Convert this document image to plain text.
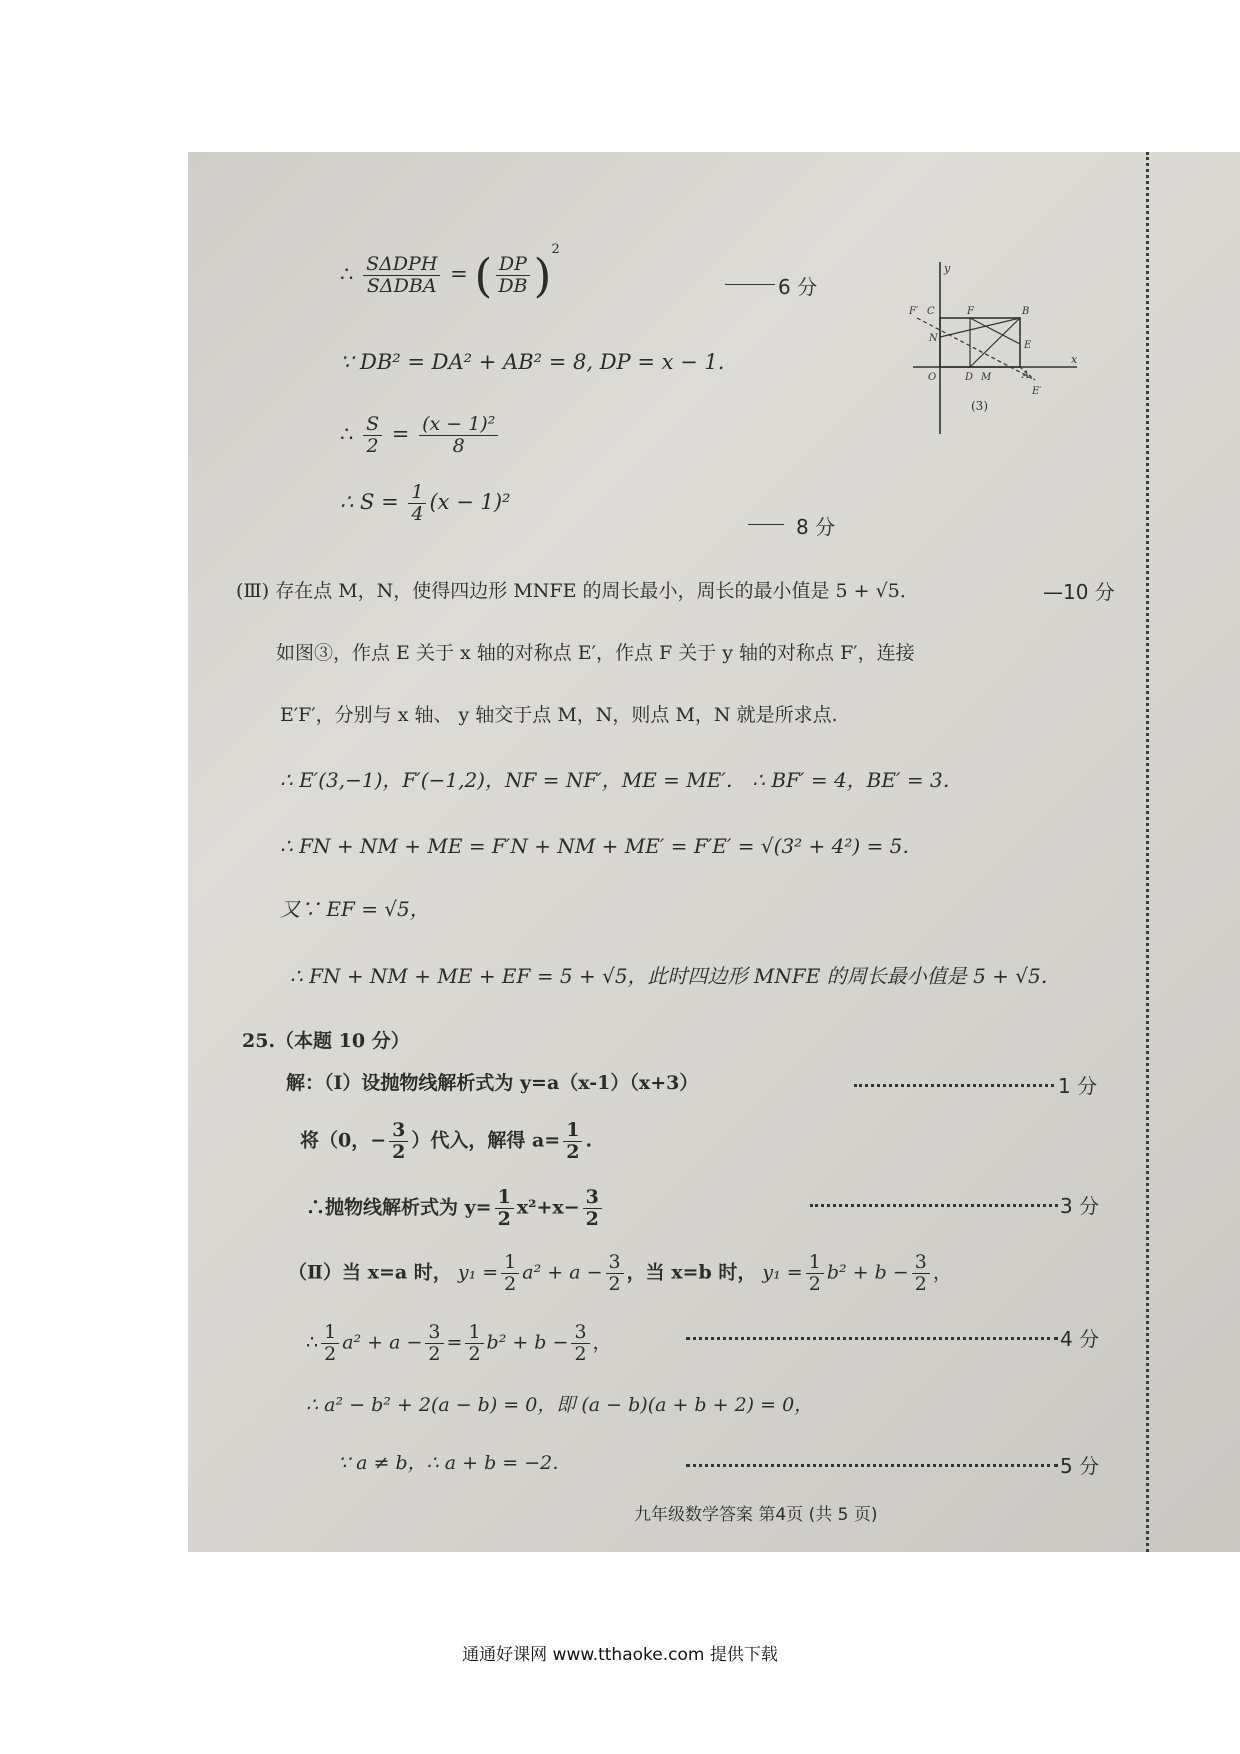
∴ $\frac{\text{SΔDPH}}{\text{SΔDBA}}$ = ( $\frac{DP}{DB} )^2$
6 分
∵ DB² = DA² + AB² = 8, DP = x − 1.
∴ $\frac{S}{2} = \frac{\text{(x − 1)²}}{8}$
∴ $S = \frac{1}{4} (x - 1)^2$
8 分
(Ⅲ) 存在点 M，N，使得四边形 MNFE 的周长最小，周长的最小值是 5 + √5．	—10 分
如图③，作点 E 关于 x 轴的对称点 E′，作点 F 关于 y 轴的对称点 F′，连接
E′F′，分别与 x 轴、 y 轴交于点 M，N，则点 M，N 就是所求点.
∴ E′(3,−1)，F′(−1,2)，NF = NF′，ME = ME′． ∴ BF′ = 4，BE′ = 3．
∴ FN + NM + ME = F′N + NM + ME′ = F′E′ = √(3² + 4²) = 5．
又∵ EF = √5，
∴ FN + NM + ME + EF = 5 + √5，此时四边形 MNFE 的周长最小值是 5 + √5．
25.（本题 10 分）
解：（Ⅰ）设抛物线解析式为 y=a（x-1）（x+3）	1 分
将（0，− $\frac{3}{2}$ ）代入，解得 $a= \frac{1}{2}$ .
∴抛物线解析式为 $y= \frac{1}{2} x^2+x- \frac{3}{2}$	3 分
（Ⅱ）当 x=a 时， $y_1 = \frac{1}{2} a^2 + a - \frac{3}{2}$ ，当 x=b 时， $y_1 = \frac{1}{2} b^2 + b - \frac{3}{2}$ ，
∴ $\frac{1}{2} a^2 + a - \frac{3}{2} = \frac{1}{2} b^2 + b - \frac{3}{2}$ ，	4 分
∴ a² − b² + 2(a − b) = 0，即 (a − b)(a + b + 2) = 0，
∵ a ≠ b，∴ a + b = −2．	5 分
九年级数学答案 第4页 (共 5 页)
y
x
F′ C	F	B
E
N
O	D M	A
E′
(3)
通通好课网 www.tthaoke.com 提供下载
